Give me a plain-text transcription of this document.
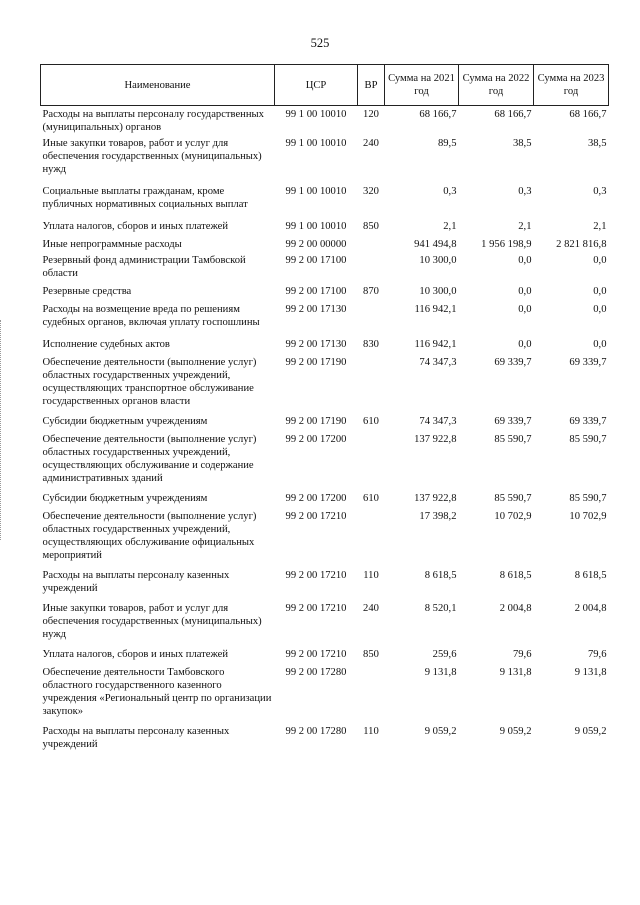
525
Наименование	ЦСР	ВР	Сумма на 2021 год	Сумма на 2022 год	Сумма на 2023 год
Расходы на выплаты персоналу государственных (муниципальных) органов	99 1 00 10010	120	68 166,7	68 166,7	68 166,7
Иные закупки товаров, работ и услуг для обеспечения государственных (муниципальных) нужд	99 1 00 10010	240	89,5	38,5	38,5
Социальные выплаты гражданам, кроме публичных нормативных социальных выплат	99 1 00 10010	320	0,3	0,3	0,3
Уплата налогов, сборов и иных платежей	99 1 00 10010	850	2,1	2,1	2,1
Иные непрограммные расходы	99 2 00 00000		941 494,8	1 956 198,9	2 821 816,8
Резервный фонд администрации Тамбовской области	99 2 00 17100		10 300,0	0,0	0,0
Резервные средства	99 2 00 17100	870	10 300,0	0,0	0,0
Расходы на возмещение вреда по решениям судебных органов, включая уплату госпошлины	99 2 00 17130		116 942,1	0,0	0,0
Исполнение судебных актов	99 2 00 17130	830	116 942,1	0,0	0,0
Обеспечение деятельности (выполнение услуг) областных государственных учреждений, осуществляющих транспортное обслуживание государственных органов власти	99 2 00 17190		74 347,3	69 339,7	69 339,7
Субсидии бюджетным учреждениям	99 2 00 17190	610	74 347,3	69 339,7	69 339,7
Обеспечение деятельности (выполнение услуг) областных государственных учреждений, осуществляющих обслуживание и содержание административных зданий	99 2 00 17200		137 922,8	85 590,7	85 590,7
Субсидии бюджетным учреждениям	99 2 00 17200	610	137 922,8	85 590,7	85 590,7
Обеспечение деятельности (выполнение услуг) областных государственных учреждений, осуществляющих обслуживание официальных мероприятий	99 2 00 17210		17 398,2	10 702,9	10 702,9
Расходы на выплаты персоналу казенных учреждений	99 2 00 17210	110	8 618,5	8 618,5	8 618,5
Иные закупки товаров, работ и услуг для обеспечения государственных (муниципальных) нужд	99 2 00 17210	240	8 520,1	2 004,8	2 004,8
Уплата налогов, сборов и иных платежей	99 2 00 17210	850	259,6	79,6	79,6
Обеспечение деятельности Тамбовского областного государственного казенного учреждения «Региональный центр по организации закупок»	99 2 00 17280		9 131,8	9 131,8	9 131,8
Расходы на выплаты персоналу казенных учреждений	99 2 00 17280	110	9 059,2	9 059,2	9 059,2
